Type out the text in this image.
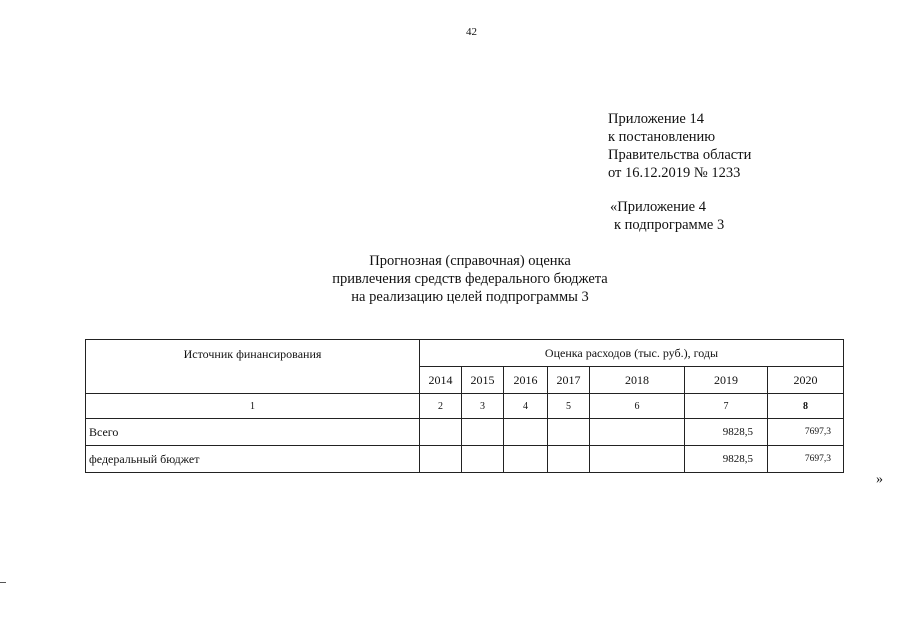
42
Приложение 14
к постановлению
Правительства области
от 16.12.2019 № 1233
«Приложение 4
к подпрограмме 3
Прогнозная (справочная) оценка
привлечения средств федерального бюджета
на реализацию целей подпрограммы 3
Источник финансирования	Оценка расходов (тыс. руб.), годы						
	2014	2015	2016	2017	2018	2019	2020
1	2	3	4	5	6	7	8
Всего						9828,5	7697,3
федеральный бюджет						9828,5	7697,3
»
